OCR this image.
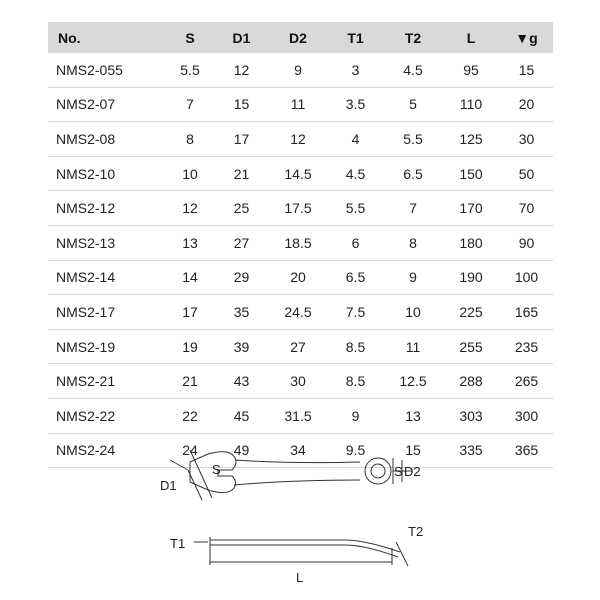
No.	S	D1	D2	T1	T2	L	▼g
NMS2-055	5.5	12	9	3	4.5	95	15
NMS2-07	7	15	11	3.5	5	110	20
NMS2-08	8	17	12	4	5.5	125	30
NMS2-10	10	21	14.5	4.5	6.5	150	50
NMS2-12	12	25	17.5	5.5	7	170	70
NMS2-13	13	27	18.5	6	8	180	90
NMS2-14	14	29	20	6.5	9	190	100
NMS2-17	17	35	24.5	7.5	10	225	165
NMS2-19	19	39	27	8.5	11	255	235
NMS2-21	21	43	30	8.5	12.5	288	265
NMS2-22	22	45	31.5	9	13	303	300
NMS2-24	24	49	34	9.5	15	335	365
D1
S	S D2
T1
T2
L
